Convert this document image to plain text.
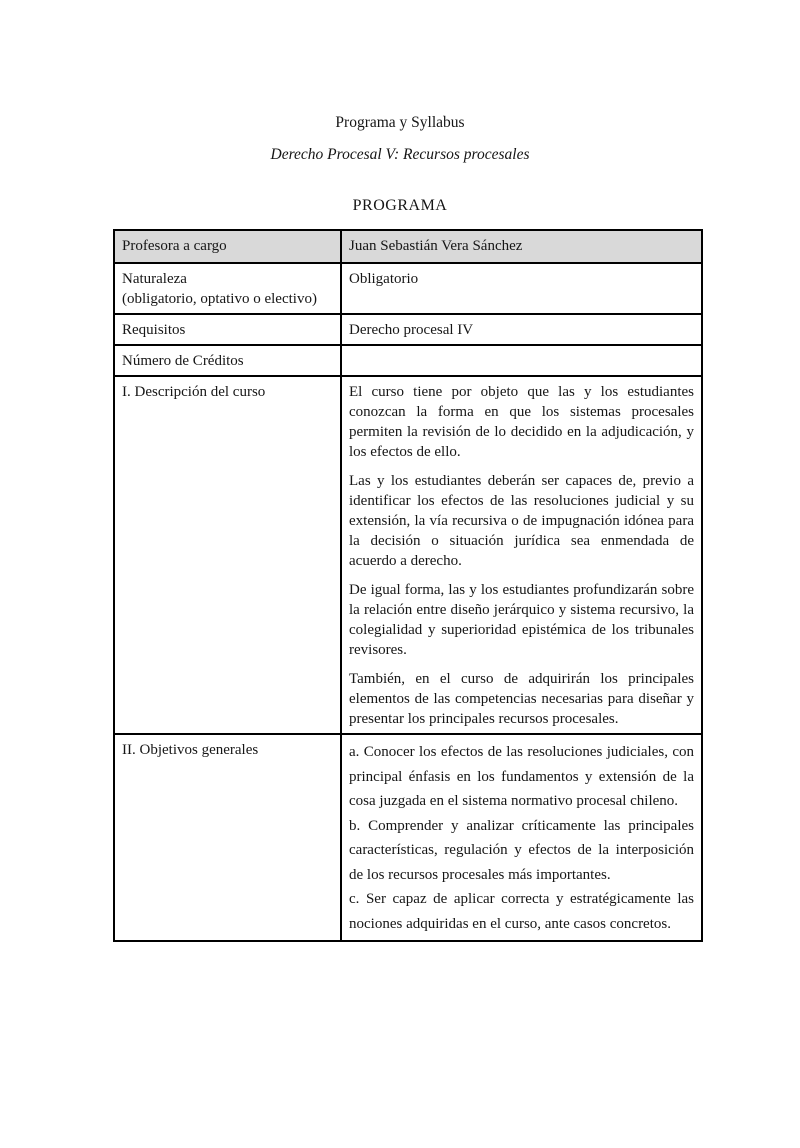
Programa y Syllabus
Derecho Procesal V: Recursos procesales
PROGRAMA
Profesora a cargo	Juan Sebastián Vera Sánchez
Naturaleza
(obligatorio, optativo o electivo)	Obligatorio
Requisitos	Derecho procesal IV
Número de Créditos	
I. Descripción del curso	El curso tiene por objeto que las y los estudiantes conozcan la forma en que los sistemas procesales permiten la revisión de lo decidido en la adjudicación, y los efectos de ello.

Las y los estudiantes deberán ser capaces de, previo a identificar los efectos de las resoluciones judicial y su extensión, la vía recursiva o de impugnación idónea para la decisión o situación jurídica sea enmendada de acuerdo a derecho.

De igual forma, las y los estudiantes profundizarán sobre la relación entre diseño jerárquico y sistema recursivo, la colegialidad y superioridad epistémica de los tribunales revisores.

También, en el curso de adquirirán los principales elementos de las competencias necesarias para diseñar y presentar los principales recursos procesales.

II. Objetivos generales	a. Conocer los efectos de las resoluciones judiciales, con principal énfasis en los fundamentos y extensión de la cosa juzgada en el sistema normativo procesal chileno.

b. Comprender y analizar críticamente las principales características, regulación y efectos de la interposición de los recursos procesales más importantes.

c. Ser capaz de aplicar correcta y estratégicamente las nociones adquiridas en el curso, ante casos concretos.
